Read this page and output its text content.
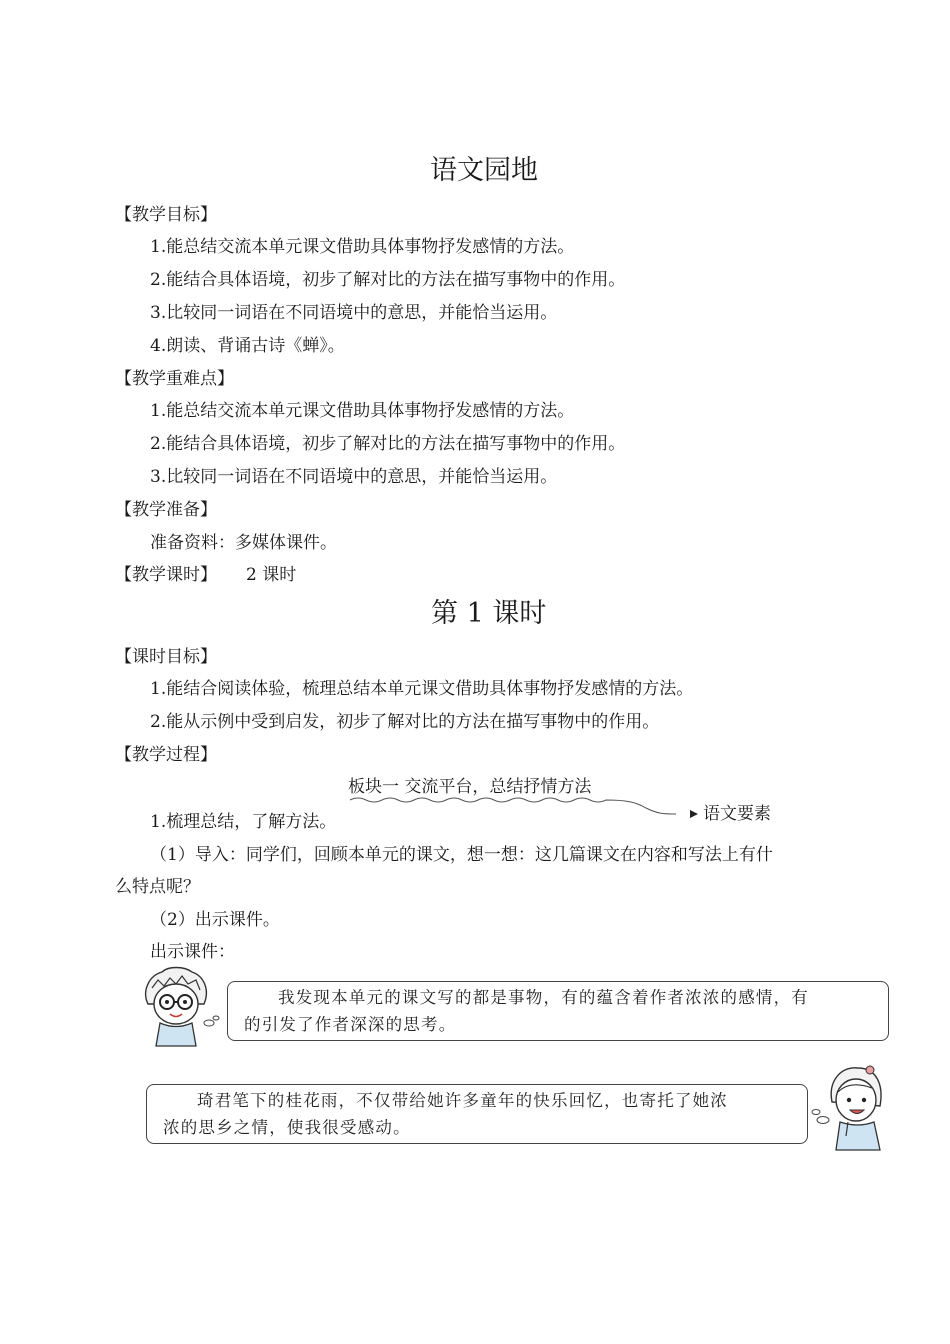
语文园地
【教学目标】
1.能总结交流本单元课文借助具体事物抒发感情的方法。
2.能结合具体语境，初步了解对比的方法在描写事物中的作用。
3.比较同一词语在不同语境中的意思，并能恰当运用。
4.朗读、背诵古诗《蝉》。
【教学重难点】
1.能总结交流本单元课文借助具体事物抒发感情的方法。
2.能结合具体语境，初步了解对比的方法在描写事物中的作用。
3.比较同一词语在不同语境中的意思，并能恰当运用。
【教学准备】
准备资料：多媒体课件。
【教学课时】 2 课时
第 1 课时
【课时目标】
1.能结合阅读体验，梳理总结本单元课文借助具体事物抒发感情的方法。
2.能从示例中受到启发，初步了解对比的方法在描写事物中的作用。
【教学过程】
板块一 交流平台，总结抒情方法
语文要素
1.梳理总结，了解方法。
（1）导入：同学们，回顾本单元的课文，想一想：这几篇课文在内容和写法上有什
么特点呢？
（2）出示课件。
出示课件：
我发现本单元的课文写的都是事物，有的蕴含着作者浓浓的感情，有
的引发了作者深深的思考。
琦君笔下的桂花雨，不仅带给她许多童年的快乐回忆，也寄托了她浓
浓的思乡之情，使我很受感动。
